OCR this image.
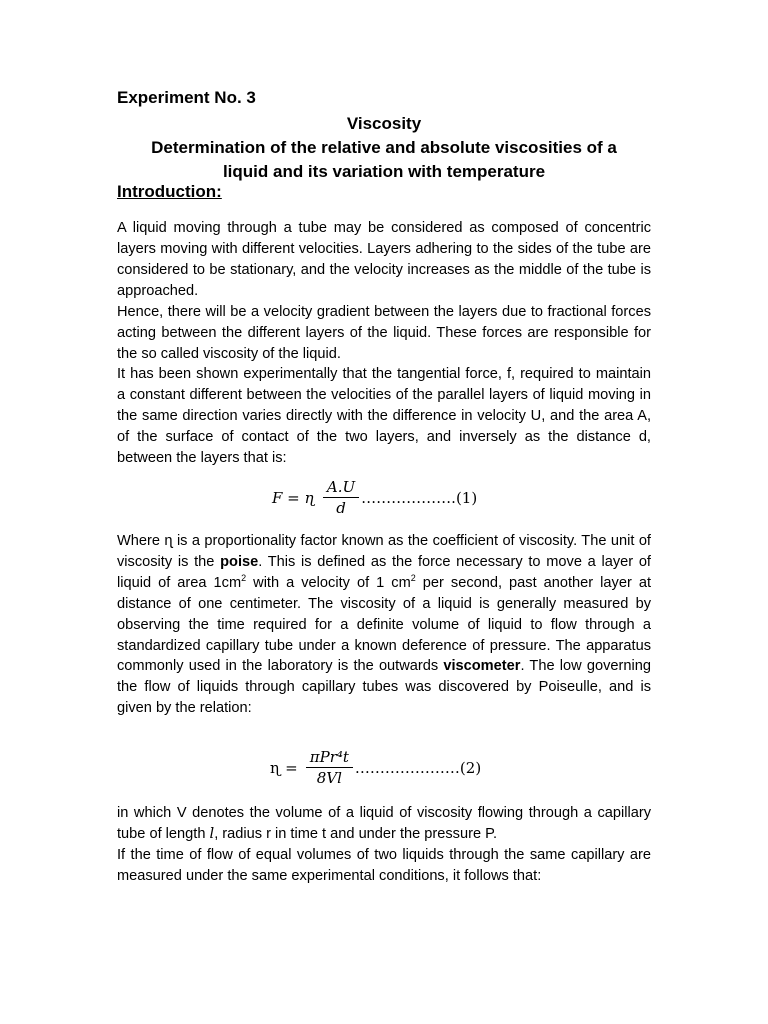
Experiment No. 3
Viscosity
Determination of the relative and absolute viscosities of a
liquid and its variation with temperature
Introduction:

A liquid moving through a tube may be considered as composed of concentric layers moving with different velocities. Layers adhering to the sides of the tube are considered to be stationary, and the velocity increases as the middle of the tube is approached.

Hence, there will be a velocity gradient between the layers due to fractional forces acting between the different layers of the liquid. These forces are responsible for the so called viscosity of the liquid.

It has been shown experimentally that the tangential force, f, required to maintain a constant different between the velocities of the parallel layers of liquid moving in the same direction varies directly with the difference in velocity U, and the area A, of the surface of contact of the two layers, and inversely as the distance d, between the layers that is:

F = ɳ $\frac{A.U}{d}$ ………………. (1)

Where ɳ is a proportionality factor known as the coefficient of viscosity. The unit of viscosity is the poise. This is defined as the force necessary to move a layer of liquid of area $1cm^2$ with a velocity of 1 $cm^2$ per second, past another layer at distance of one centimeter. The viscosity of a liquid is generally measured by observing the time required for a definite volume of liquid to flow through a standardized capillary tube under a known deference of pressure. The apparatus commonly used in the laboratory is the outwards viscometer. The low governing the flow of liquids through capillary tubes was discovered by Poiseulle, and is given by the relation:

ɳ = $\frac{\text{πPr⁴t}}{8Vl}$ ………………… (2)

in which V denotes the volume of a liquid of viscosity flowing through a capillary tube of length l, radius r in time t and under the pressure P.

If the time of flow of equal volumes of two liquids through the same capillary are measured under the same experimental conditions, it follows that:
